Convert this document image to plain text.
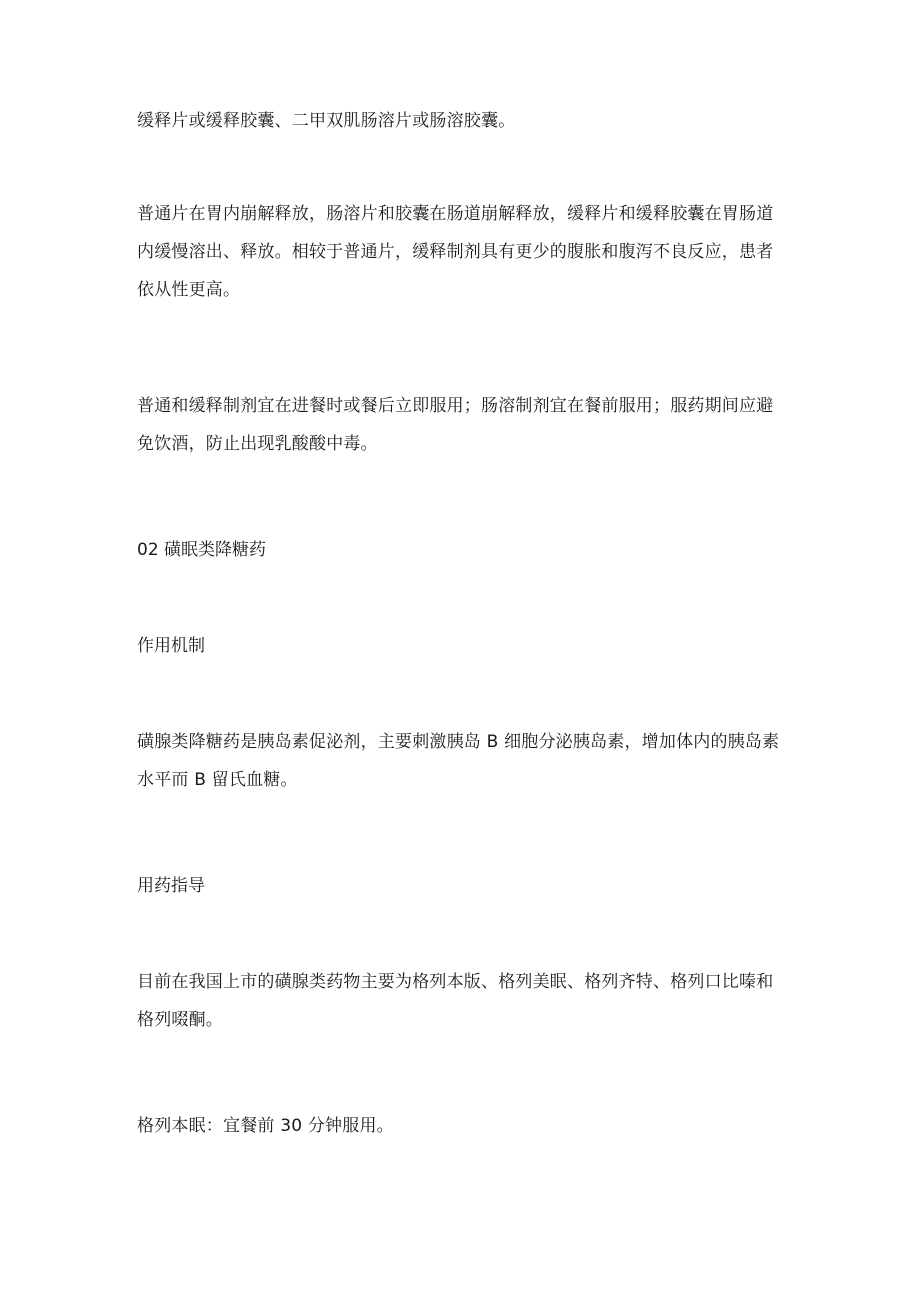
缓释片或缓释胶囊、二甲双肌肠溶片或肠溶胶囊。

普通片在胃内崩解释放，肠溶片和胶囊在肠道崩解释放，缓释片和缓释胶囊在胃肠道内缓慢溶出、释放。相较于普通片，缓释制剂具有更少的腹胀和腹泻不良反应，患者依从性更高。

普通和缓释制剂宜在进餐时或餐后立即服用；肠溶制剂宜在餐前服用；服药期间应避免饮酒，防止出现乳酸酸中毒。

02 磺眠类降糖药

作用机制

磺腺类降糖药是胰岛素促泌剂，主要刺激胰岛 B 细胞分泌胰岛素，增加体内的胰岛素水平而 B 留氏血糖。

用药指导

目前在我国上市的磺腺类药物主要为格列本版、格列美眠、格列齐特、格列口比嗪和格列啜酮。

格列本眠：宜餐前 30 分钟服用。
